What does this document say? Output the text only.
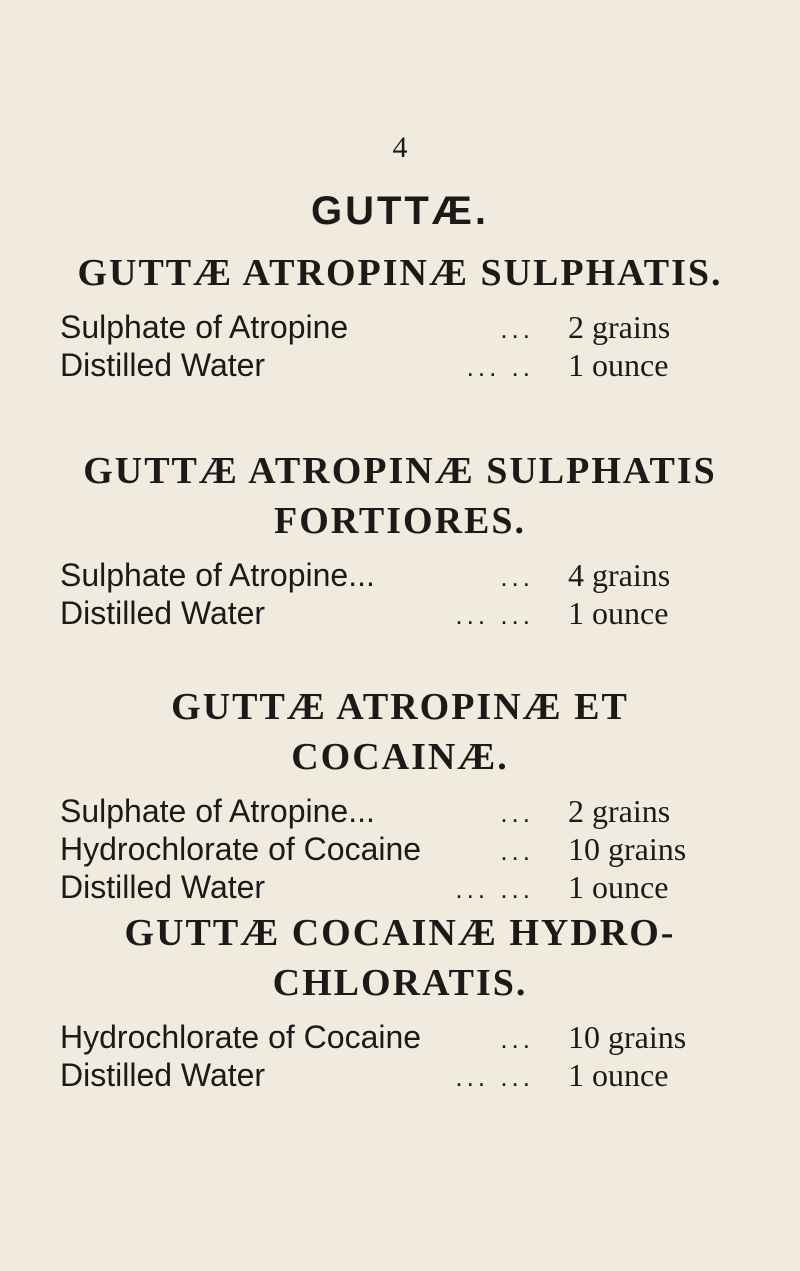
4
GUTTÆ.
GUTTÆ ATROPINÆ SULPHATIS.
Sulphate of Atropine	...	2 grains
Distilled Water	... ..	1 ounce
GUTTÆ ATROPINÆ SULPHATIS
FORTIORES.
Sulphate of Atropine...	...	4 grains
Distilled Water	... ...	1 ounce
GUTTÆ ATROPINÆ ET COCAINÆ.
Sulphate of Atropine...	...	2 grains
Hydrochlorate of Cocaine	...	10 grains
Distilled Water	... ...	1 ounce
GUTTÆ COCAINÆ HYDRO-
CHLORATIS.
Hydrochlorate of Cocaine	...	10 grains
Distilled Water	... ...	1 ounce
